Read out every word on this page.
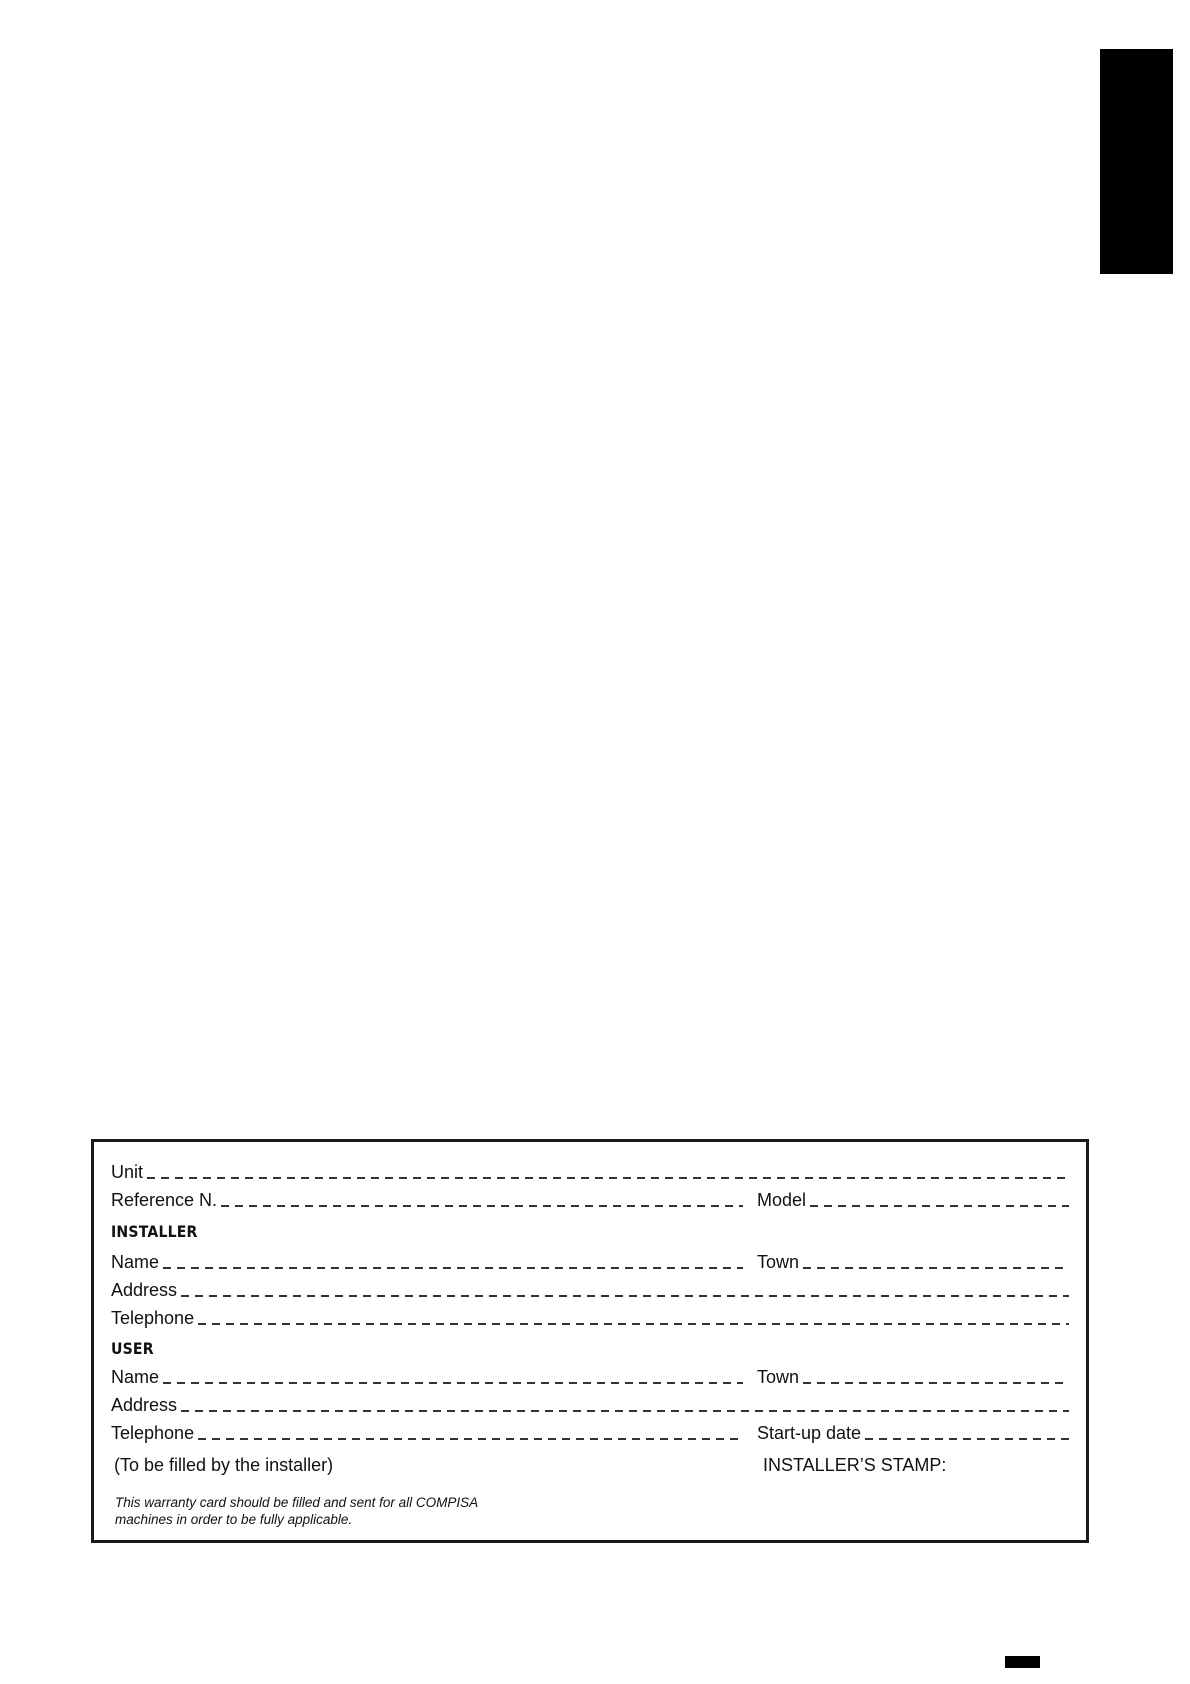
Unit
Reference N.	Model
INSTALLER
Name	Town
Address
Telephone
USER
Name	Town
Address
Telephone	Start-up date
(To be filled by the installer)	INSTALLER’S STAMP:
This warranty card should be filled and sent for all COMPISA
machines in order to be fully applicable.
